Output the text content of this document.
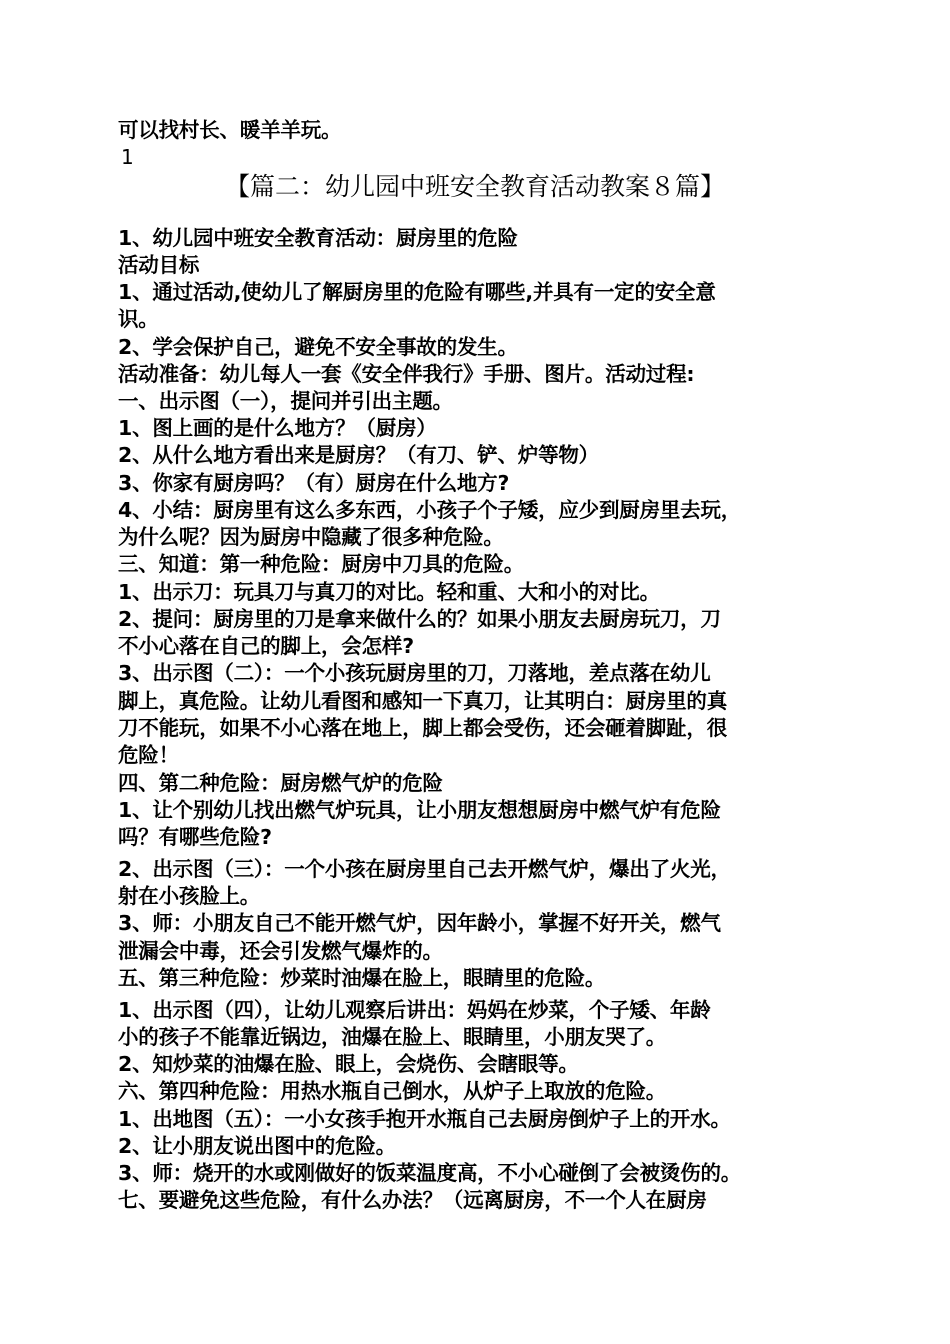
可以找村长、暖羊羊玩。
1
【篇二：幼儿园中班安全教育活动教案８篇】
1、幼儿园中班安全教育活动：厨房里的危险
活动目标
1、通过活动,使幼儿了解厨房里的危险有哪些,并具有一定的安全意
识。
2、学会保护自己，避免不安全事故的发生。
活动准备：幼儿每人一套《安全伴我行》手册、图片。活动过程:
一、出示图（一），提问并引出主题。
1、图上画的是什么地方？（厨房）
2、从什么地方看出来是厨房？（有刀、铲、炉等物）
3、你家有厨房吗？（有）厨房在什么地方?
4、小结：厨房里有这么多东西，小孩子个子矮，应少到厨房里去玩，
为什么呢？因为厨房中隐藏了很多种危险。
三、知道：第一种危险：厨房中刀具的危险。
1、出示刀：玩具刀与真刀的对比。轻和重、大和小的对比。
2、提问：厨房里的刀是拿来做什么的？如果小朋友去厨房玩刀，刀
不小心落在自己的脚上，会怎样?
3、出示图（二）：一个小孩玩厨房里的刀，刀落地，差点落在幼儿
脚上，真危险。让幼儿看图和感知一下真刀，让其明白：厨房里的真
刀不能玩，如果不小心落在地上，脚上都会受伤，还会砸着脚趾，很
危险！
四、第二种危险：厨房燃气炉的危险
1、让个别幼儿找出燃气炉玩具，让小朋友想想厨房中燃气炉有危险
吗？有哪些危险?
2、出示图（三）：一个小孩在厨房里自己去开燃气炉，爆出了火光，
射在小孩脸上。
3、师：小朋友自己不能开燃气炉，因年龄小，掌握不好开关，燃气
泄漏会中毒，还会引发燃气爆炸的。
五、第三种危险：炒菜时油爆在脸上，眼睛里的危险。
1、出示图（四），让幼儿观察后讲出：妈妈在炒菜，个子矮、年龄
小的孩子不能靠近锅边，油爆在脸上、眼睛里，小朋友哭了。
2、知炒菜的油爆在脸、眼上，会烧伤、会瞎眼等。
六、第四种危险：用热水瓶自己倒水，从炉子上取放的危险。
1、出地图（五）：一小女孩手抱开水瓶自己去厨房倒炉子上的开水。
2、让小朋友说出图中的危险。
3、师：烧开的水或刚做好的饭菜温度高，不小心碰倒了会被烫伤的。
七、要避免这些危险，有什么办法？（远离厨房，不一个人在厨房
